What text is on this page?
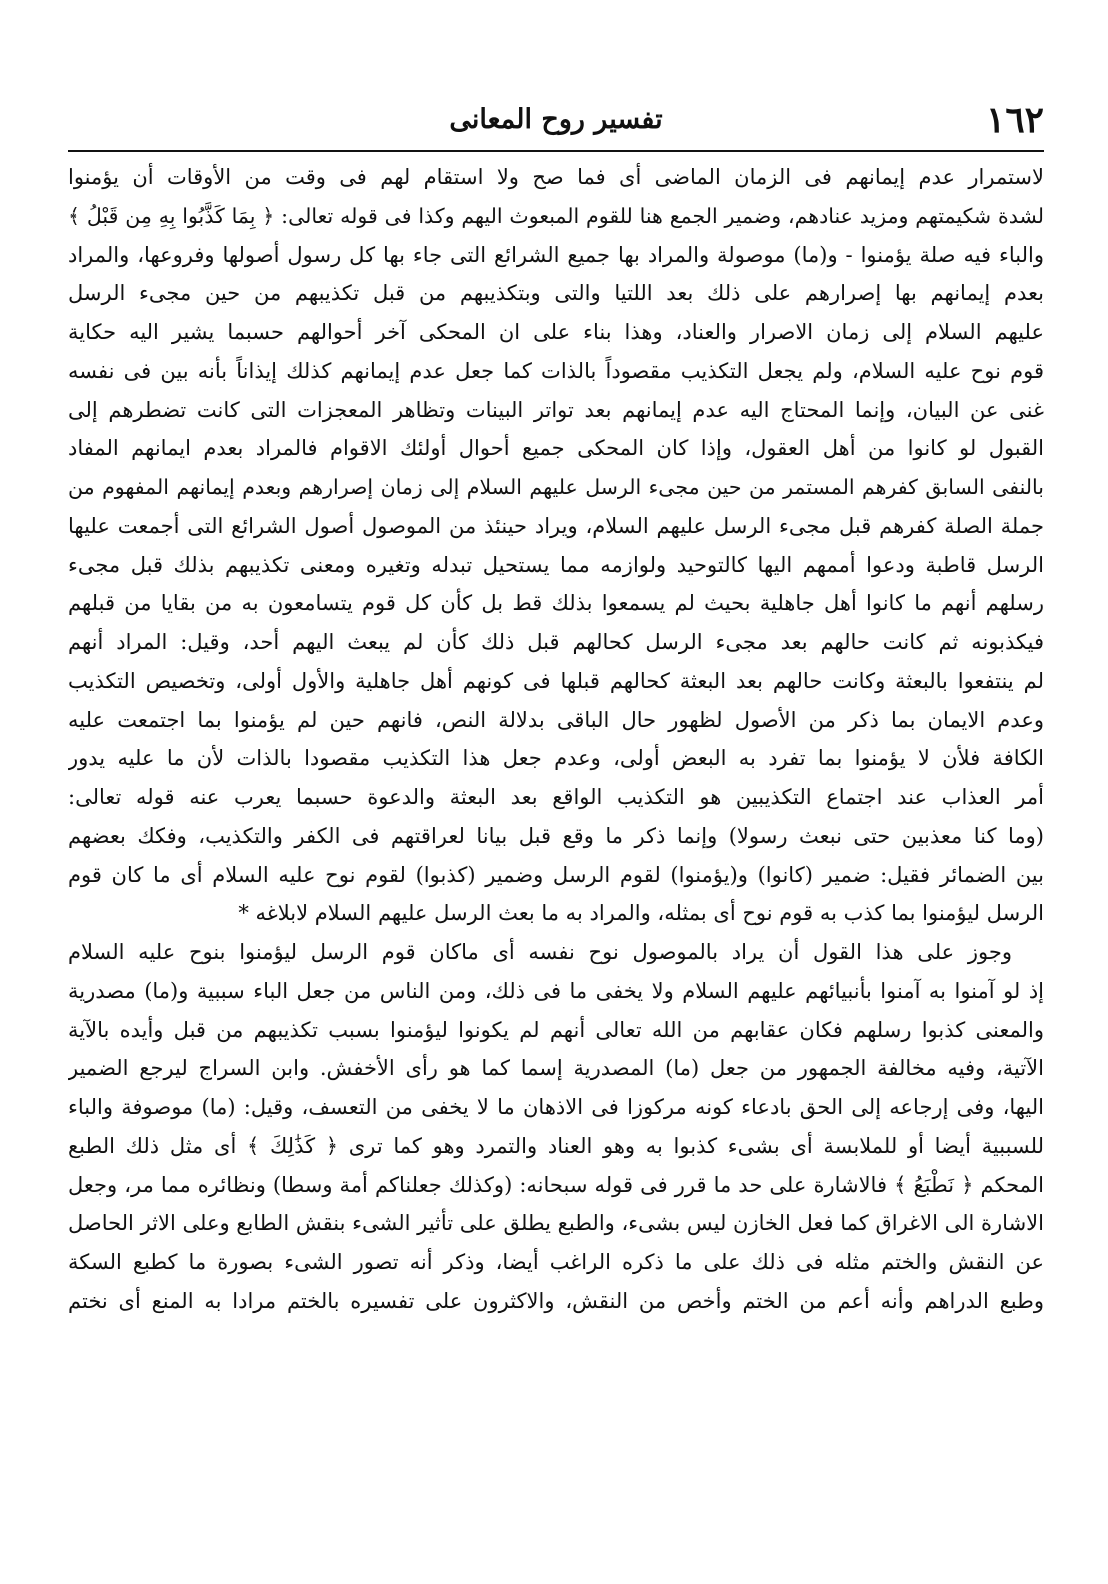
١٦٢
تفسير روح المعانى
لاستمرار عدم إيمانهم فى الزمان الماضى أى فما صح ولا استقام لهم فى وقت من الأوقات أن يؤمنوا
لشدة شكيمتهم ومزيد عنادهم، وضمير الجمع هنا للقوم المبعوث اليهم وكذا فى قوله تعالى: ﴿ بِمَا كَذَّبُوا بِهِ مِن قَبْلُ ﴾
والباء فيه صلة يؤمنوا - و(ما) موصولة والمراد بها جميع الشرائع التى جاء بها كل رسول أصولها وفروعها، والمراد
بعدم إيمانهم بها إصرارهم على ذلك بعد اللتيا والتى وبتكذيبهم من قبل تكذيبهم من حين مجىء الرسل
عليهم السلام إلى زمان الاصرار والعناد، وهذا بناء على ان المحكى آخر أحوالهم حسبما يشير اليه حكاية
قوم نوح عليه السلام، ولم يجعل التكذيب مقصوداً بالذات كما جعل عدم إيمانهم كذلك إيذاناً بأنه بين فى نفسه
غنى عن البيان، وإنما المحتاج اليه عدم إيمانهم بعد تواتر البينات وتظاهر المعجزات التى كانت تضطرهم إلى
القبول لو كانوا من أهل العقول، وإذا كان المحكى جميع أحوال أولئك الاقوام فالمراد بعدم ايمانهم المفاد
بالنفى السابق كفرهم المستمر من حين مجىء الرسل عليهم السلام إلى زمان إصرارهم وبعدم إيمانهم المفهوم من
جملة الصلة كفرهم قبل مجىء الرسل عليهم السلام، ويراد حينئذ من الموصول أصول الشرائع التى أجمعت عليها
الرسل قاطبة ودعوا أممهم اليها كالتوحيد ولوازمه مما يستحيل تبدله وتغيره ومعنى تكذيبهم بذلك قبل مجىء
رسلهم أنهم ما كانوا أهل جاهلية بحيث لم يسمعوا بذلك قط بل كأن كل قوم يتسامعون به من بقايا من قبلهم
فيكذبونه ثم كانت حالهم بعد مجىء الرسل كحالهم قبل ذلك كأن لم يبعث اليهم أحد، وقيل: المراد أنهم
لم ينتفعوا بالبعثة وكانت حالهم بعد البعثة كحالهم قبلها فى كونهم أهل جاهلية والأول أولى، وتخصيص التكذيب
وعدم الايمان بما ذكر من الأصول لظهور حال الباقى بدلالة النص، فانهم حين لم يؤمنوا بما اجتمعت عليه
الكافة فلأن لا يؤمنوا بما تفرد به البعض أولى، وعدم جعل هذا التكذيب مقصودا بالذات لأن ما عليه يدور
أمر العذاب عند اجتماع التكذيبين هو التكذيب الواقع بعد البعثة والدعوة حسبما يعرب عنه قوله تعالى:
(وما كنا معذبين حتى نبعث رسولا) وإنما ذكر ما وقع قبل بيانا لعراقتهم فى الكفر والتكذيب، وفكك بعضهم
بين الضمائر فقيل: ضمير (كانوا) و(يؤمنوا) لقوم الرسل وضمير (كذبوا) لقوم نوح عليه السلام أى ما كان قوم
الرسل ليؤمنوا بما كذب به قوم نوح أى بمثله، والمراد به ما بعث الرسل عليهم السلام لابلاغه *
وجوز على هذا القول أن يراد بالموصول نوح نفسه أى ماكان قوم الرسل ليؤمنوا بنوح عليه السلام
إذ لو آمنوا به آمنوا بأنبيائهم عليهم السلام ولا يخفى ما فى ذلك، ومن الناس من جعل الباء سببية و(ما) مصدرية
والمعنى كذبوا رسلهم فكان عقابهم من الله تعالى أنهم لم يكونوا ليؤمنوا بسبب تكذيبهم من قبل وأيده بالآية
الآتية، وفيه مخالفة الجمهور من جعل (ما) المصدرية إسما كما هو رأى الأخفش. وابن السراج ليرجع الضمير
اليها، وفى إرجاعه إلى الحق بادعاء كونه مركوزا فى الاذهان ما لا يخفى من التعسف، وقيل: (ما) موصوفة والباء
للسببية أيضا أو للملابسة أى بشىء كذبوا به وهو العناد والتمرد وهو كما ترى ﴿ كَذَٰلِكَ ﴾ أى مثل ذلك الطبع
المحكم ﴿ نَطْبَعُ ﴾ فالاشارة على حد ما قرر فى قوله سبحانه: (وكذلك جعلناكم أمة وسطا) ونظائره مما مر، وجعل
الاشارة الى الاغراق كما فعل الخازن ليس بشىء، والطبع يطلق على تأثير الشىء بنقش الطابع وعلى الاثر الحاصل
عن النقش والختم مثله فى ذلك على ما ذكره الراغب أيضا، وذكر أنه تصور الشىء بصورة ما كطبع السكة
وطبع الدراهم وأنه أعم من الختم وأخص من النقش، والاكثرون على تفسيره بالختم مرادا به المنع أى نختم
